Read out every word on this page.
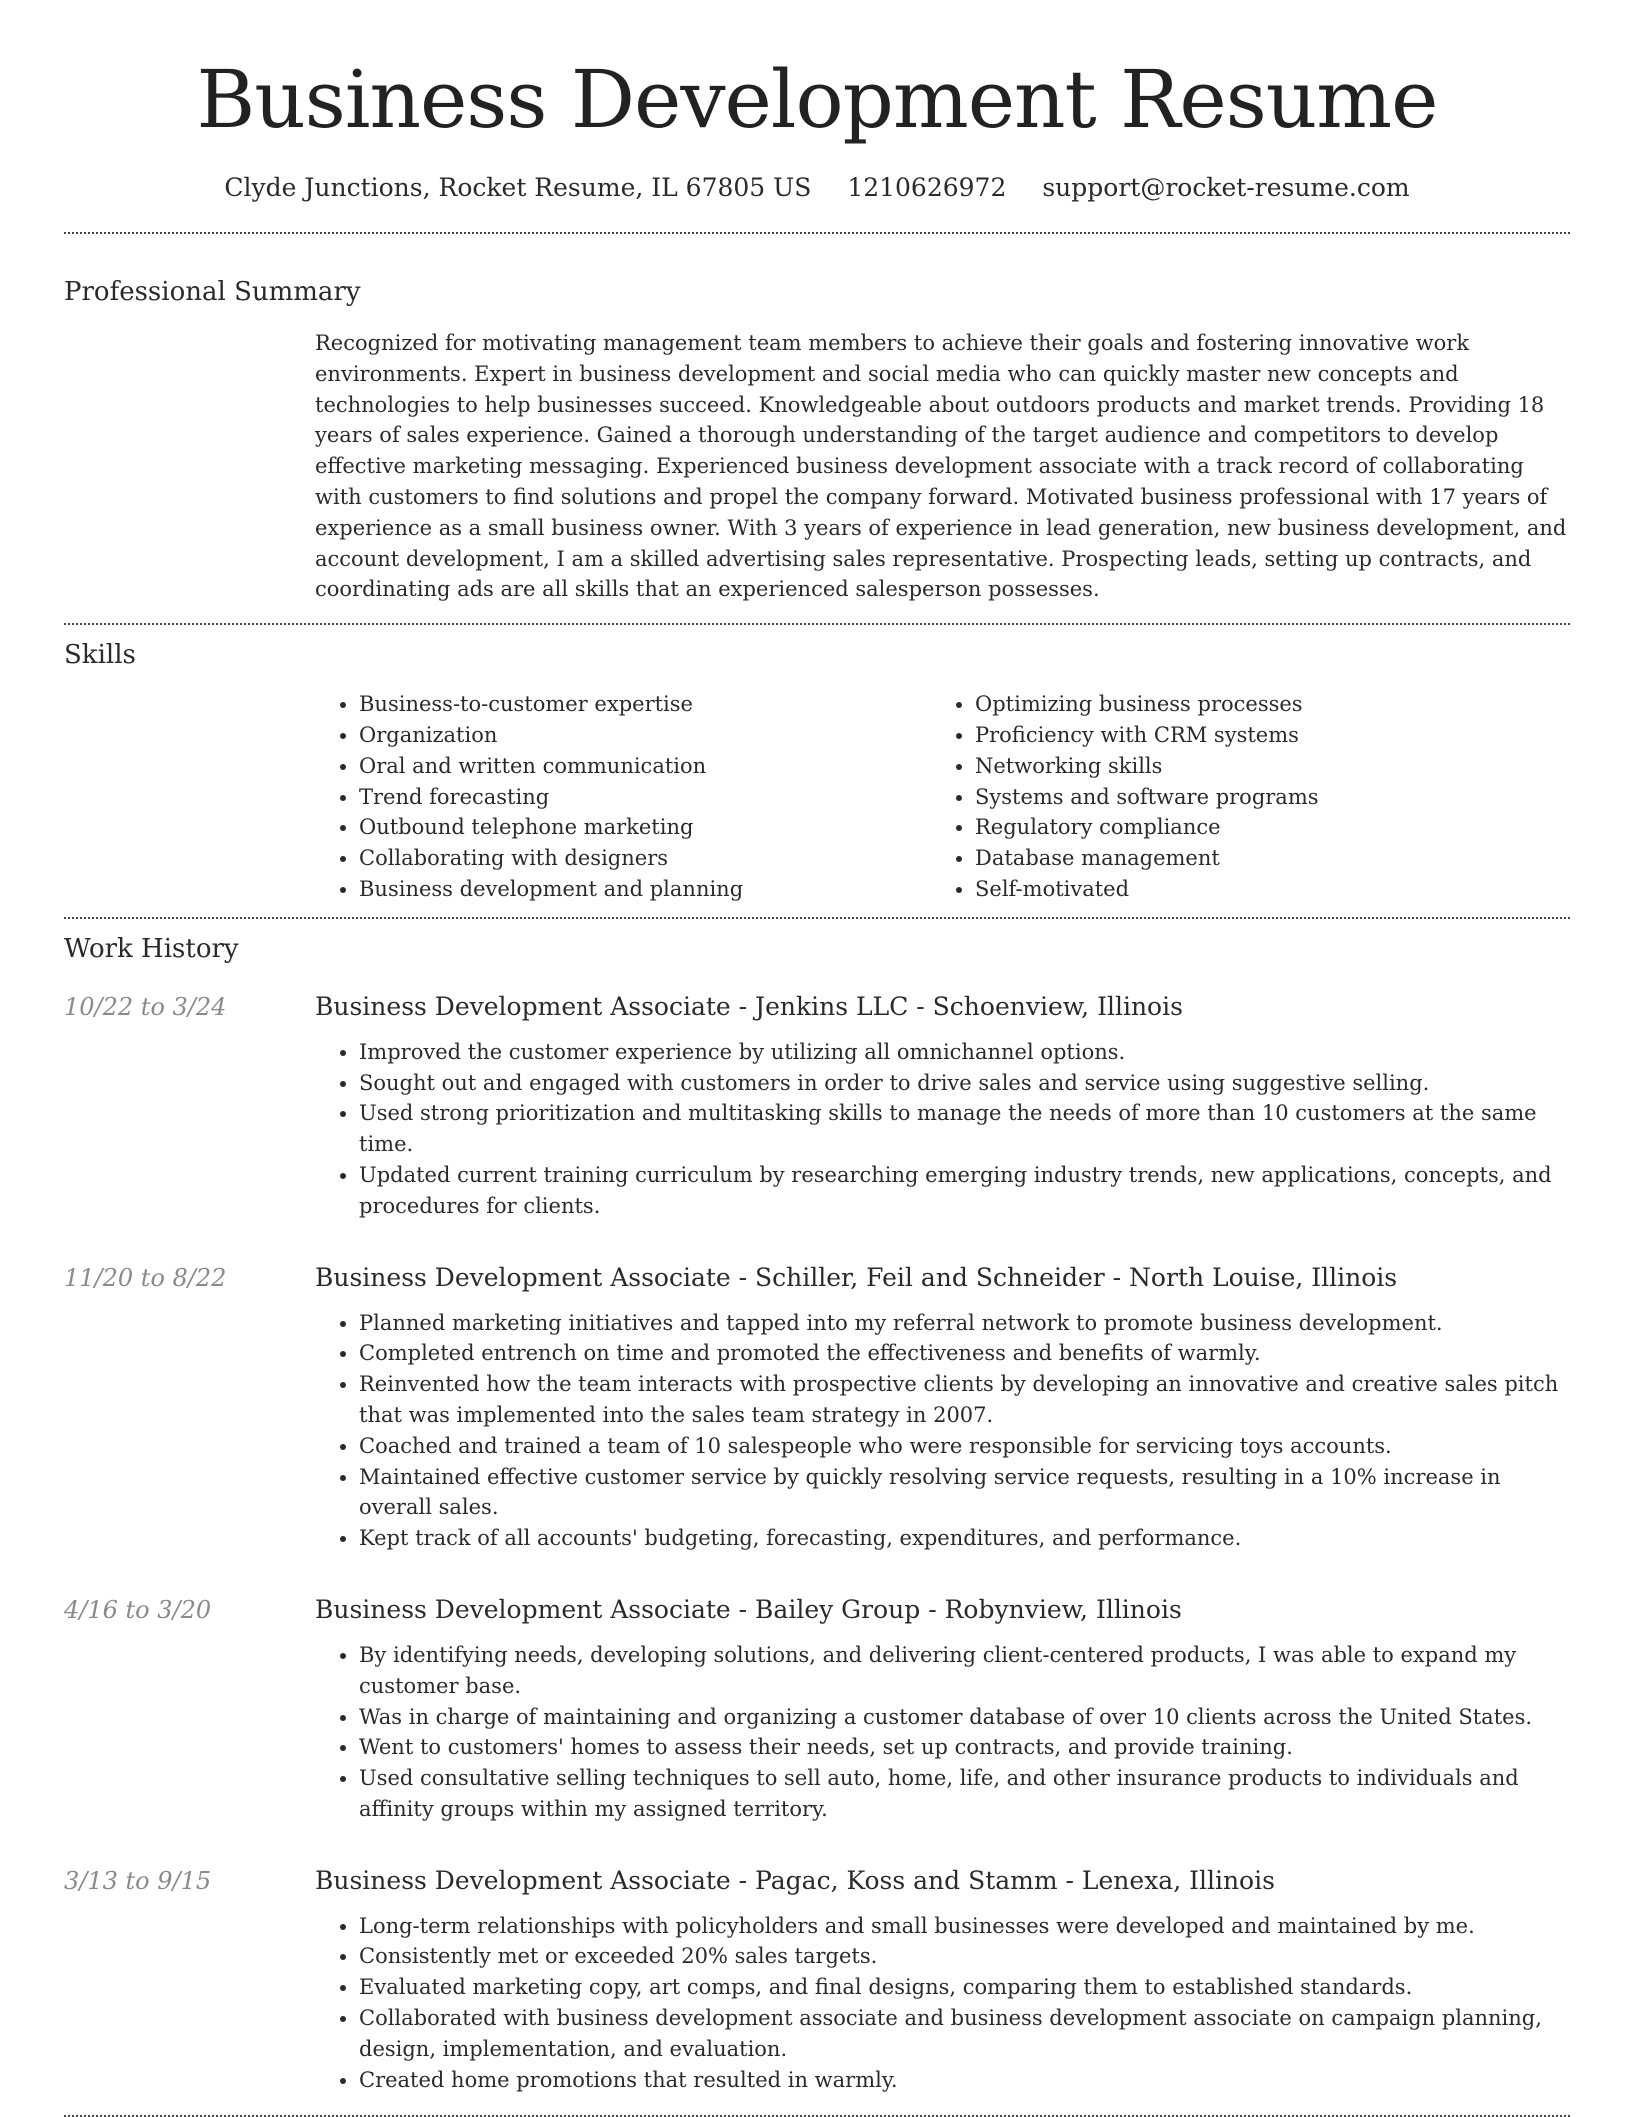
Business Development Resume
Clyde Junctions, Rocket Resume, IL 67805 US 1210626972 support@rocket-resume.com
Professional Summary
Recognized for motivating management team members to achieve their goals and fostering innovative work environments. Expert in business development and social media who can quickly master new concepts and technologies to help businesses succeed. Knowledgeable about outdoors products and market trends. Providing 18 years of sales experience. Gained a thorough understanding of the target audience and competitors to develop effective marketing messaging. Experienced business development associate with a track record of collaborating with customers to find solutions and propel the company forward. Motivated business professional with 17 years of experience as a small business owner. With 3 years of experience in lead generation, new business development, and account development, I am a skilled advertising sales representative. Prospecting leads, setting up contracts, and coordinating ads are all skills that an experienced salesperson possesses.
Skills
• Business-to-customer expertise
• Organization
• Oral and written communication
• Trend forecasting
• Outbound telephone marketing
• Collaborating with designers
• Business development and planning
• Optimizing business processes
• Proficiency with CRM systems
• Networking skills
• Systems and software programs
• Regulatory compliance
• Database management
• Self-motivated
Work History
10/22 to 3/24	Business Development Associate - Jenkins LLC - Schoenview, Illinois
• Improved the customer experience by utilizing all omnichannel options.
• Sought out and engaged with customers in order to drive sales and service using suggestive selling.
• Used strong prioritization and multitasking skills to manage the needs of more than 10 customers at the same time.
• Updated current training curriculum by researching emerging industry trends, new applications, concepts, and procedures for clients.
11/20 to 8/22	Business Development Associate - Schiller, Feil and Schneider - North Louise, Illinois
• Planned marketing initiatives and tapped into my referral network to promote business development.
• Completed entrench on time and promoted the effectiveness and benefits of warmly.
• Reinvented how the team interacts with prospective clients by developing an innovative and creative sales pitch that was implemented into the sales team strategy in 2007.
• Coached and trained a team of 10 salespeople who were responsible for servicing toys accounts.
• Maintained effective customer service by quickly resolving service requests, resulting in a 10% increase in overall sales.
• Kept track of all accounts' budgeting, forecasting, expenditures, and performance.
4/16 to 3/20	Business Development Associate - Bailey Group - Robynview, Illinois
• By identifying needs, developing solutions, and delivering client-centered products, I was able to expand my customer base.
• Was in charge of maintaining and organizing a customer database of over 10 clients across the United States.
• Went to customers' homes to assess their needs, set up contracts, and provide training.
• Used consultative selling techniques to sell auto, home, life, and other insurance products to individuals and affinity groups within my assigned territory.
3/13 to 9/15	Business Development Associate - Pagac, Koss and Stamm - Lenexa, Illinois
• Long-term relationships with policyholders and small businesses were developed and maintained by me.
• Consistently met or exceeded 20% sales targets.
• Evaluated marketing copy, art comps, and final designs, comparing them to established standards.
• Collaborated with business development associate and business development associate on campaign planning, design, implementation, and evaluation.
• Created home promotions that resulted in warmly.
